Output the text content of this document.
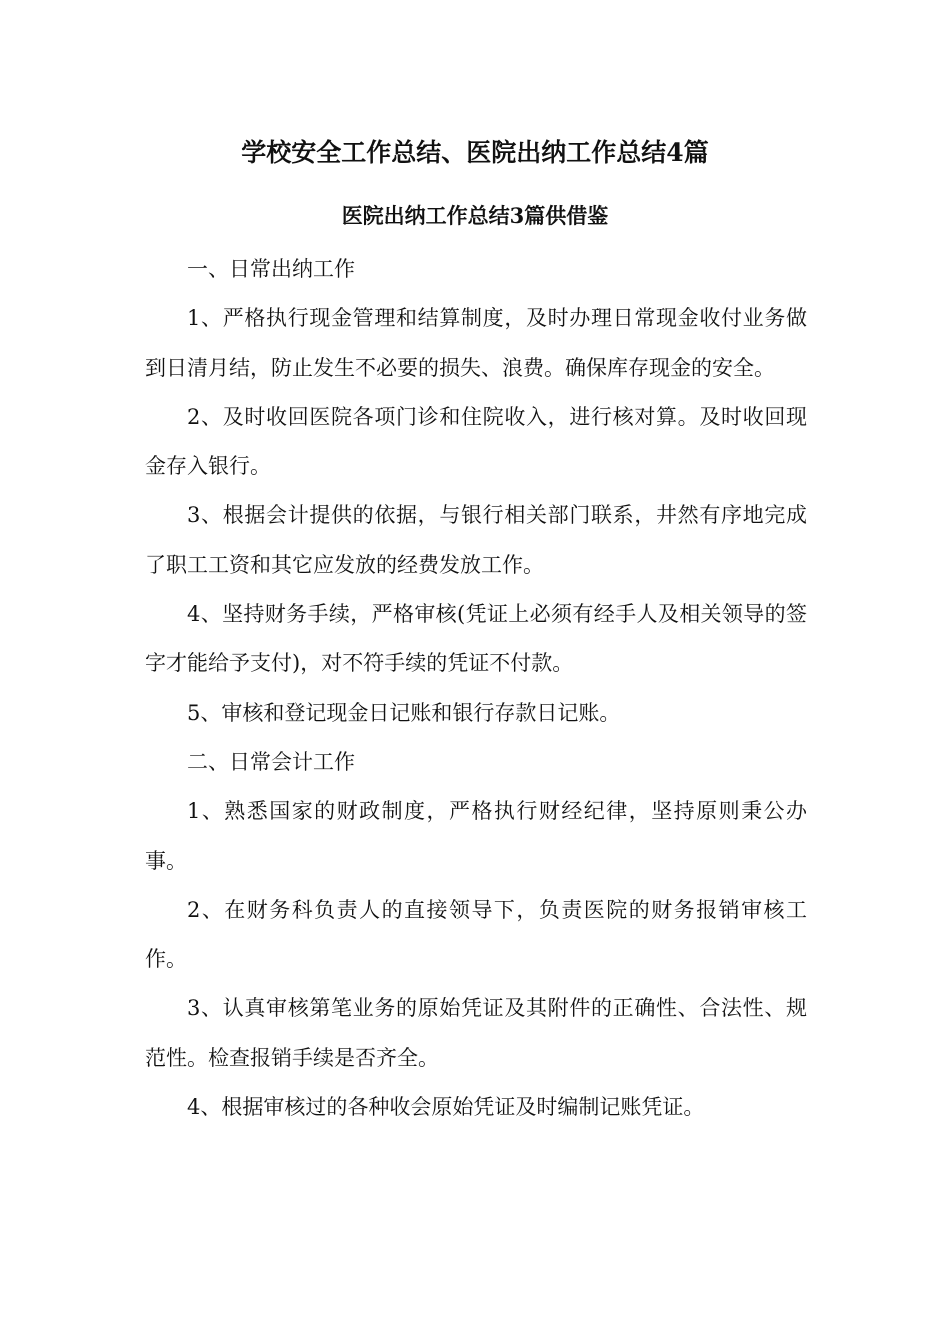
学校安全工作总结、医院出纳工作总结4篇
医院出纳工作总结3篇供借鉴

一、日常出纳工作

1、严格执行现金管理和结算制度，及时办理日常现金收付业务做到日清月结，防止发生不必要的损失、浪费。确保库存现金的安全。

2、及时收回医院各项门诊和住院收入，进行核对算。及时收回现金存入银行。

3、根据会计提供的依据，与银行相关部门联系，井然有序地完成了职工工资和其它应发放的经费发放工作。

4、坚持财务手续，严格审核(凭证上必须有经手人及相关领导的签字才能给予支付)，对不符手续的凭证不付款。

5、审核和登记现金日记账和银行存款日记账。

二、日常会计工作

1、熟悉国家的财政制度，严格执行财经纪律，坚持原则秉公办事。

2、在财务科负责人的直接领导下，负责医院的财务报销审核工作。

3、认真审核第笔业务的原始凭证及其附件的正确性、合法性、规范性。检查报销手续是否齐全。

4、根据审核过的各种收会原始凭证及时编制记账凭证。
